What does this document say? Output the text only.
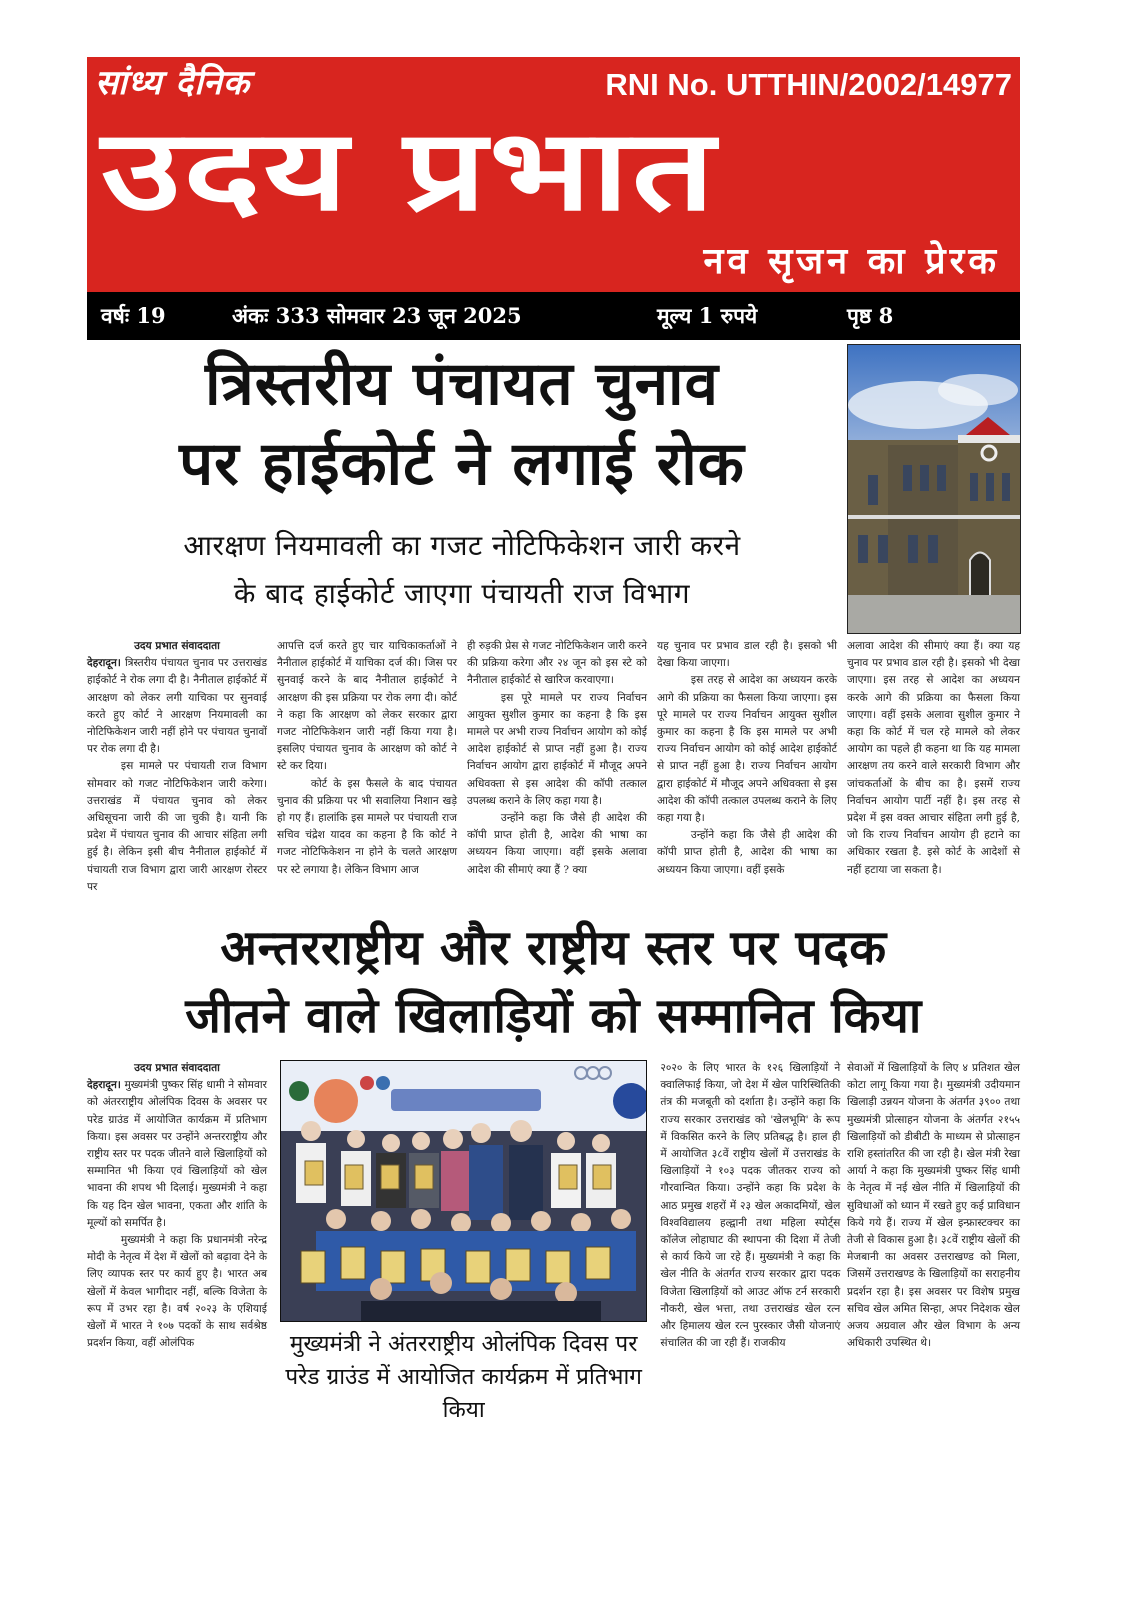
सांध्य दैनिक	RNI No. UTTHIN/2002/14977
उदय प्रभात
नव सृजन का प्रेरक
वर्षः 19	अंकः 333 सोमवार 23 जून 2025	मूल्य 1 रुपये	पृष्ठ 8
त्रिस्तरीय पंचायत चुनाव
पर हाईकोर्ट ने लगाई रोक
आरक्षण नियमावली का गजट नोटिफिकेशन जारी करने
के बाद हाईकोर्ट जाएगा पंचायती राज विभाग
उदय प्रभात संवाददाता

देहरादून। त्रिस्तरीय पंचायत चुनाव पर उत्तराखंड हाईकोर्ट ने रोक लगा दी है। नैनीताल हाईकोर्ट में आरक्षण को लेकर लगी याचिका पर सुनवाई करते हुए कोर्ट ने आरक्षण नियमावली का नोटिफिकेशन जारी नहीं होने पर पंचायत चुनावों पर रोक लगा दी है।

इस मामले पर पंचायती राज विभाग सोमवार को गजट नोटिफिकेशन जारी करेगा। उत्तराखंड में पंचायत चुनाव को लेकर अधिसूचना जारी की जा चुकी है। यानी कि प्रदेश में पंचायत चुनाव की आचार संहिता लगी हुई है। लेकिन इसी बीच नैनीताल हाईकोर्ट में पंचायती राज विभाग द्वारा जारी आरक्षण रोस्टर पर

आपत्ति दर्ज करते हुए चार याचिकाकर्ताओं ने नैनीताल हाईकोर्ट में याचिका दर्ज की। जिस पर सुनवाई करने के बाद नैनीताल हाईकोर्ट ने आरक्षण की इस प्रक्रिया पर रोक लगा दी। कोर्ट ने कहा कि आरक्षण को लेकर सरकार द्वारा गजट नोटिफिकेशन जारी नहीं किया गया है। इसलिए पंचायत चुनाव के आरक्षण को कोर्ट ने स्टे कर दिया।

कोर्ट के इस फैसले के बाद पंचायत चुनाव की प्रक्रिया पर भी सवालिया निशान खड़े हो गए हैं। हालांकि इस मामले पर पंचायती राज सचिव चंद्रेश यादव का कहना है कि कोर्ट ने गजट नोटिफिकेशन ना होने के चलते आरक्षण पर स्टे लगाया है। लेकिन विभाग आज

ही रुड़की प्रेस से गजट नोटिफिकेशन जारी करने की प्रक्रिया करेगा और २४ जून को इस स्टे को नैनीताल हाईकोर्ट से खारिज करवाएगा।

इस पूरे मामले पर राज्य निर्वाचन आयुक्त सुशील कुमार का कहना है कि इस मामले पर अभी राज्य निर्वाचन आयोग को कोई आदेश हाईकोर्ट से प्राप्त नहीं हुआ है। राज्य निर्वाचन आयोग द्वारा हाईकोर्ट में मौजूद अपने अधिवक्ता से इस आदेश की कॉपी तत्काल उपलब्ध कराने के लिए कहा गया है।

उन्होंने कहा कि जैसे ही आदेश की कॉपी प्राप्त होती है, आदेश की भाषा का अध्ययन किया जाएगा। वहीं इसके अलावा आदेश की सीमाएं क्या हैं ? क्या

यह चुनाव पर प्रभाव डाल रही है। इसको भी देखा किया जाएगा।

इस तरह से आदेश का अध्ययन करके आगे की प्रक्रिया का फैसला किया जाएगा। इस पूरे मामले पर राज्य निर्वाचन आयुक्त सुशील कुमार का कहना है कि इस मामले पर अभी राज्य निर्वाचन आयोग को कोई आदेश हाईकोर्ट से प्राप्त नहीं हुआ है। राज्य निर्वाचन आयोग द्वारा हाईकोर्ट में मौजूद अपने अधिवक्ता से इस आदेश की कॉपी तत्काल उपलब्ध कराने के लिए कहा गया है।

उन्होंने कहा कि जैसे ही आदेश की कॉपी प्राप्त होती है, आदेश की भाषा का अध्ययन किया जाएगा। वहीं इसके

अलावा आदेश की सीमाएं क्या हैं। क्या यह चुनाव पर प्रभाव डाल रही है। इसको भी देखा जाएगा। इस तरह से आदेश का अध्ययन करके आगे की प्रक्रिया का फैसला किया जाएगा। वहीं इसके अलावा सुशील कुमार ने कहा कि कोर्ट में चल रहे मामले को लेकर आयोग का पहले ही कहना था कि यह मामला आरक्षण तय करने वाले सरकारी विभाग और जांचकर्ताओं के बीच का है। इसमें राज्य निर्वाचन आयोग पार्टी नहीं है। इस तरह से प्रदेश में इस वक्त आचार संहिता लगी हुई है, जो कि राज्य निर्वाचन आयोग ही हटाने का अधिकार रखता है. इसे कोर्ट के आदेशों से नहीं हटाया जा सकता है।

अन्तरराष्ट्रीय और राष्ट्रीय स्तर पर पदक
जीतने वाले खिलाड़ियों को सम्मानित किया
उदय प्रभात संवाददाता

देहरादून। मुख्यमंत्री पुष्कर सिंह धामी ने सोमवार को अंतरराष्ट्रीय ओलंपिक दिवस के अवसर पर परेड ग्राउंड में आयोजित कार्यक्रम में प्रतिभाग किया। इस अवसर पर उन्होंने अन्तरराष्ट्रीय और राष्ट्रीय स्तर पर पदक जीतने वाले खिलाड़ियों को सम्मानित भी किया एवं खिलाड़ियों को खेल भावना की शपथ भी दिलाई। मुख्यमंत्री ने कहा कि यह दिन खेल भावना, एकता और शांति के मूल्यों को समर्पित है।

मुख्यमंत्री ने कहा कि प्रधानमंत्री नरेन्द्र मोदी के नेतृत्व में देश में खेलों को बढ़ावा देने के लिए व्यापक स्तर पर कार्य हुए है। भारत अब खेलों में केवल भागीदार नहीं, बल्कि विजेता के रूप में उभर रहा है। वर्ष २०२३ के एशियाई खेलों में भारत ने १०७ पदकों के साथ सर्वश्रेष्ठ प्रदर्शन किया, वहीं ओलंपिक	मुख्यमंत्री ने अंतरराष्ट्रीय ओलंपिक दिवस पर परेड ग्राउंड में आयोजित कार्यक्रम में प्रतिभाग किया

२०२० के लिए भारत के १२६ खिलाड़ियों ने क्वालिफाई किया, जो देश में खेल पारिस्थितिकी तंत्र की मजबूती को दर्शाता है। उन्होंने कहा कि राज्य सरकार उत्तराखंड को 'खेलभूमि' के रूप में विकसित करने के लिए प्रतिबद्ध है। हाल ही में आयोजित ३८वें राष्ट्रीय खेलों में उत्तराखंड के खिलाड़ियों ने १०३ पदक जीतकर राज्य को गौरवान्वित किया। उन्होंने कहा कि प्रदेश के आठ प्रमुख शहरों में २३ खेल अकादमियों, खेल विश्वविद्यालय हल्द्वानी तथा महिला स्पोर्ट्स कॉलेज लोहाघाट की स्थापना की दिशा में तेजी से कार्य किये जा रहे हैं। मुख्यमंत्री ने कहा कि खेल नीति के अंतर्गत राज्य सरकार द्वारा पदक विजेता खिलाड़ियों को आउट ऑफ टर्न सरकारी नौकरी, खेल भत्ता, तथा उत्तराखंड खेल रत्न और हिमालय खेल रत्न पुरस्कार जैसी योजनाएं संचालित की जा रही हैं। राजकीय

सेवाओं में खिलाड़ियों के लिए ४ प्रतिशत खेल कोटा लागू किया गया है। मुख्यमंत्री उदीयमान खिलाड़ी उन्नयन योजना के अंतर्गत ३९०० तथा मुख्यमंत्री प्रोत्साहन योजना के अंतर्गत २१५५ खिलाड़ियों को डीबीटी के माध्यम से प्रोत्साहन राशि हस्तांतरित की जा रही है। खेल मंत्री रेखा आर्या ने कहा कि मुख्यमंत्री पुष्कर सिंह धामी के नेतृत्व में नई खेल नीति में खिलाड़ियों की सुविधाओं को ध्यान में रखते हुए कई प्राविधान किये गये हैं। राज्य में खेल इन्फ्रास्टक्चर का तेजी से विकास हुआ है। ३८वें राष्ट्रीय खेलों की मेजबानी का अवसर उत्तराखण्ड को मिला, जिसमें उत्तराखण्ड के खिलाड़ियों का सराहनीय प्रदर्शन रहा है। इस अवसर पर विशेष प्रमुख सचिव खेल अमित सिन्हा, अपर निदेशक खेल अजय अग्रवाल और खेल विभाग के अन्य अधिकारी उपस्थित थे।
